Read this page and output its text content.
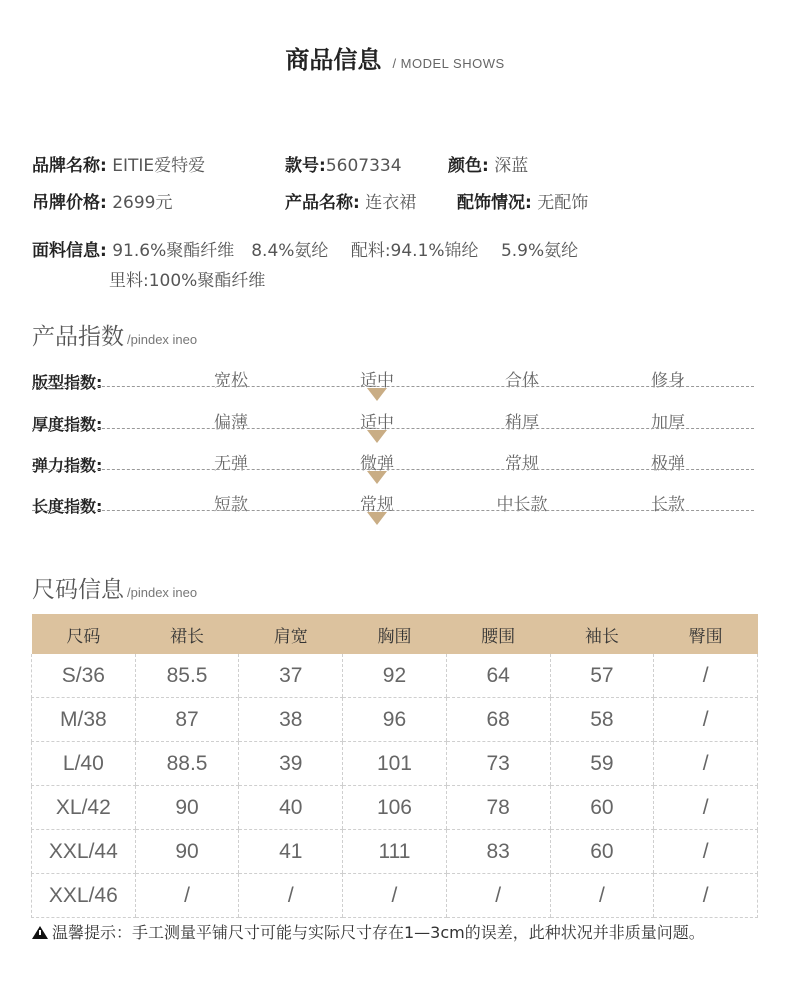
商品信息 / MODEL SHOWS
品牌名称: EITIE爱特爱	款号:5607334	颜色: 深蓝
吊牌价格: 2699元	产品名称: 连衣裙 配饰情况: 无配饰
面料信息: 91.6%聚酯纤维　8.4%氨纶　 配料:94.1%锦纶　 5.9%氨纶
里料:100%聚酯纤维
产品指数 /pindex ineo
版型指数:	宽松	适中	合体	修身
厚度指数:	偏薄	适中	稍厚	加厚
弹力指数:	无弹	微弹	常规	极弹
长度指数:	短款	常规	中长款	长款
尺码信息 /pindex ineo
尺码	裙长	肩宽	胸围	腰围	袖长	臀围
S/36	85.5	37	92	64	57	/
M/38	87	38	96	68	58	/
L/40	88.5	39	101	73	59	/
XL/42	90	40	106	78	60	/
XXL/44	90	41	111	83	60	/
XXL/46	/	/	/	/	/	/
温馨提示：手工测量平铺尺寸可能与实际尺寸存在1—3cm的误差，此种状况并非质量问题。
